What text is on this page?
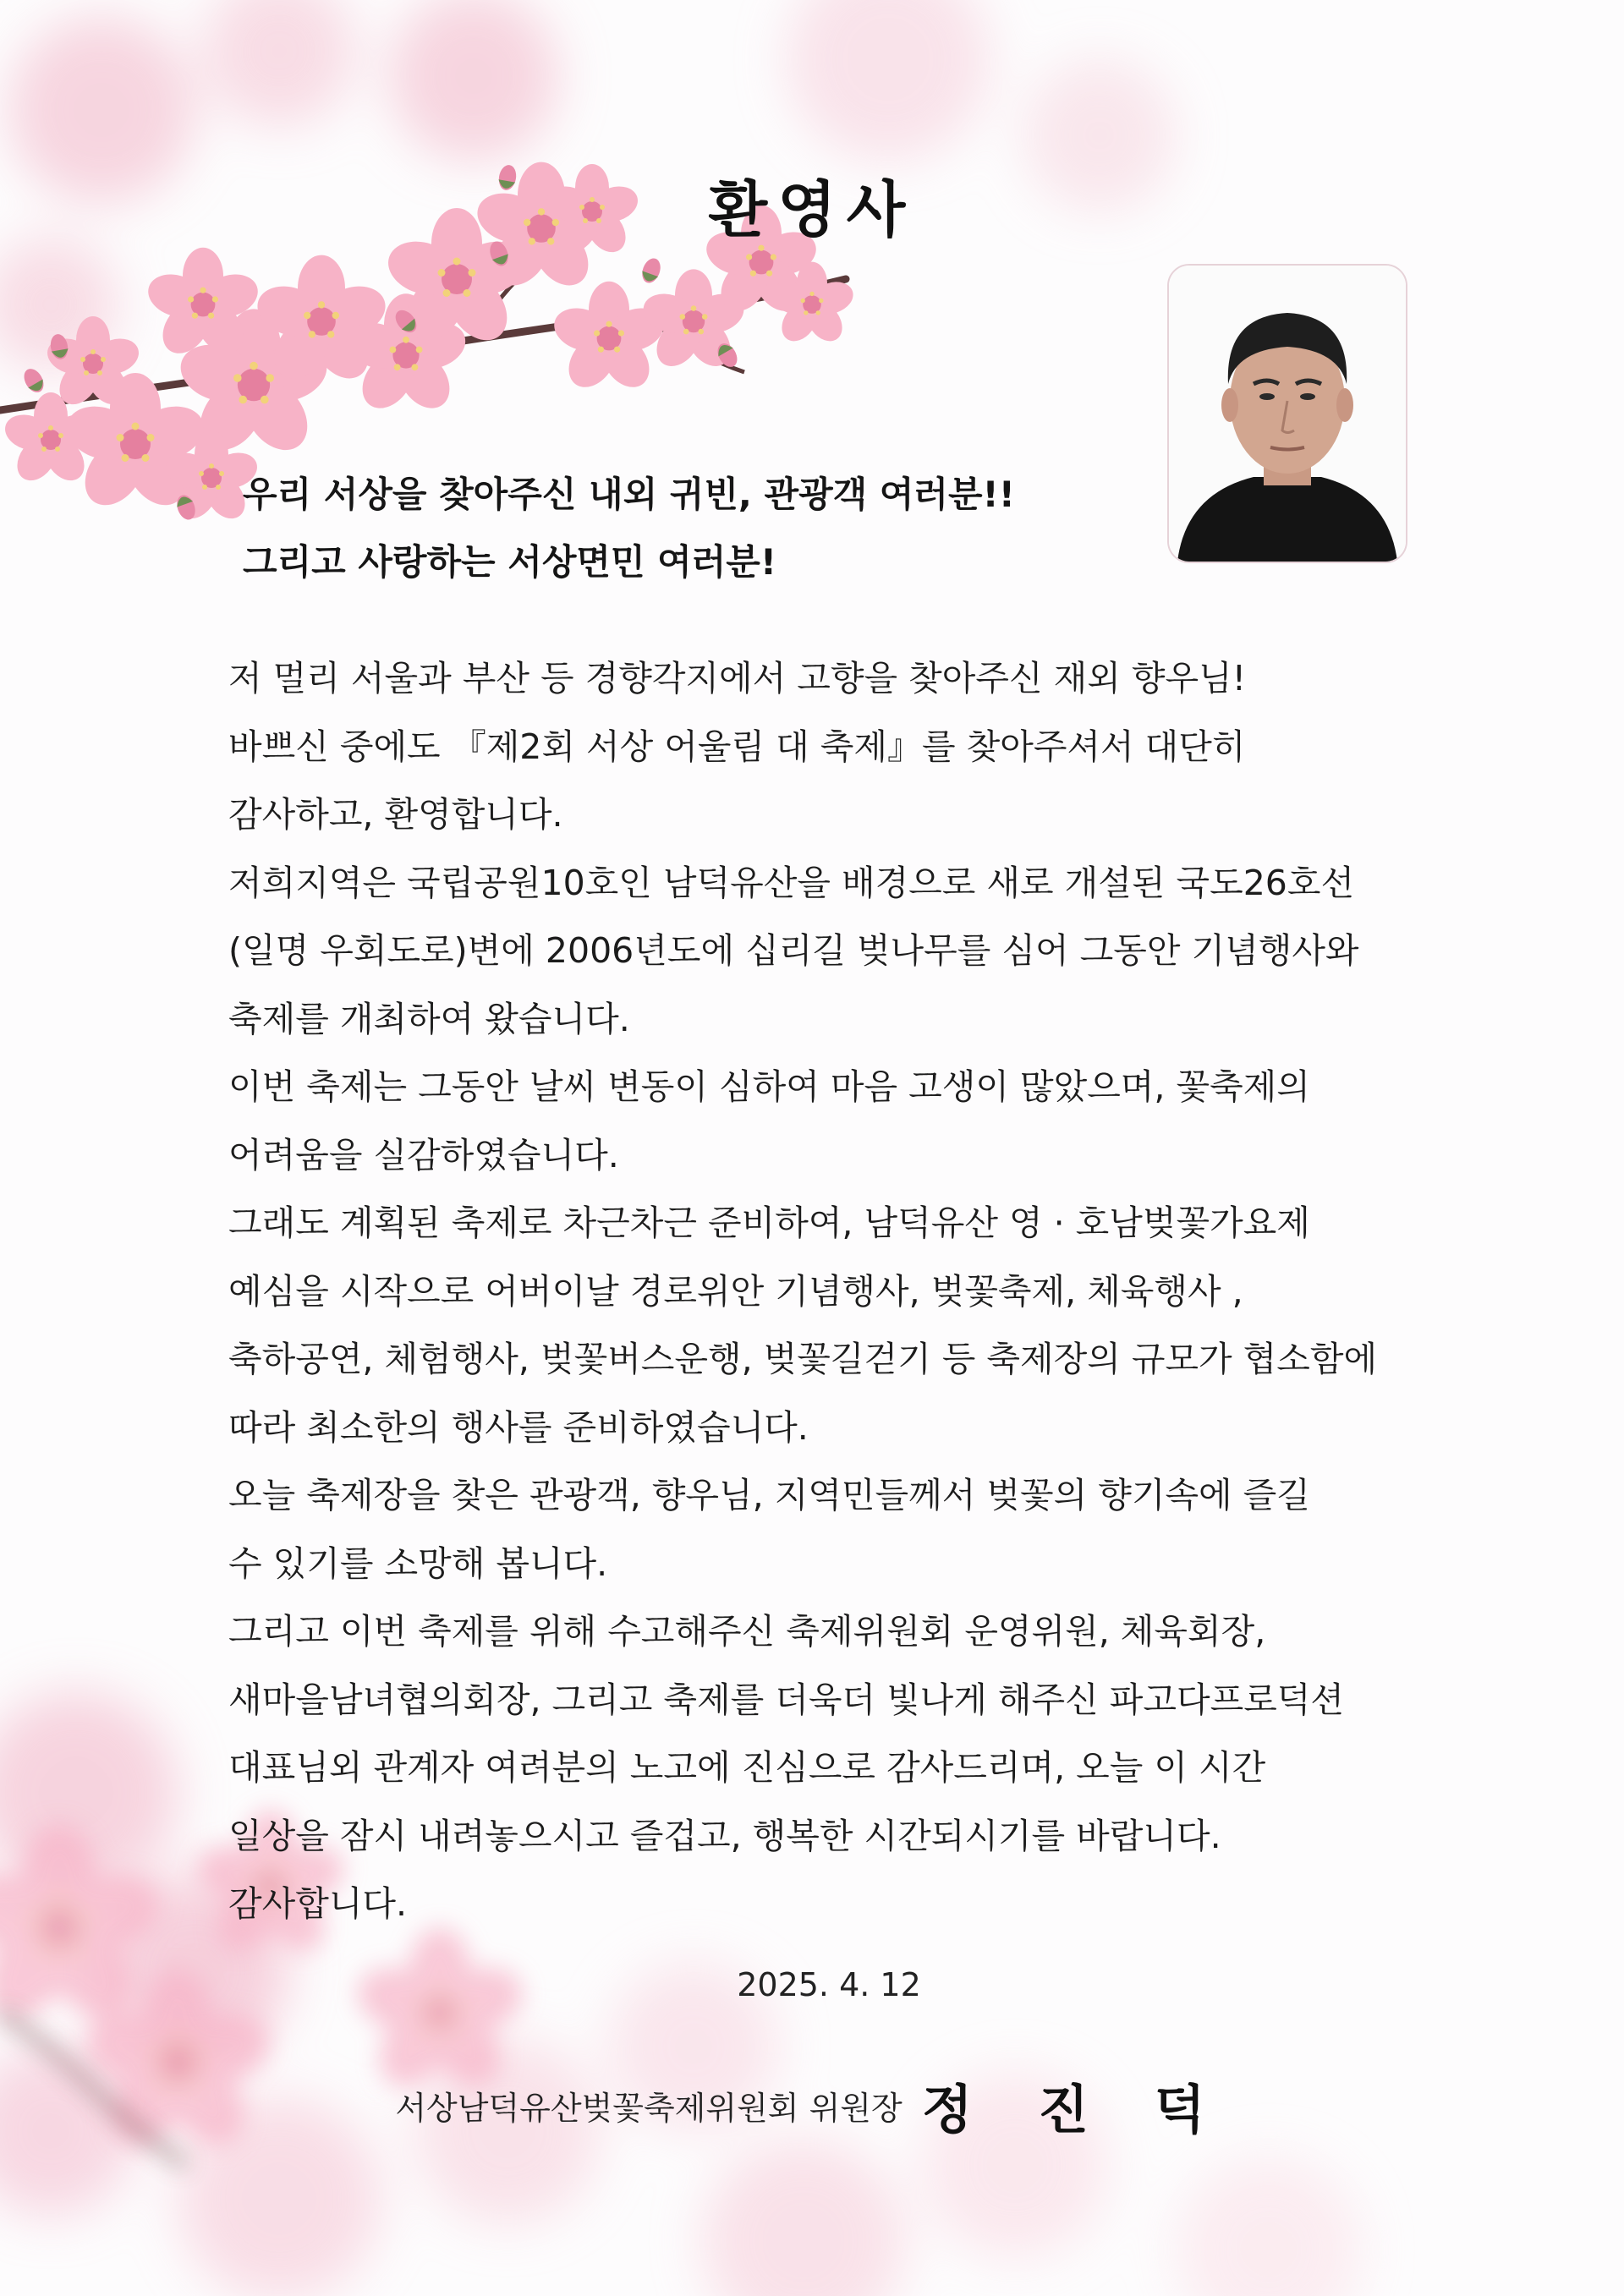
환영사
우리 서상을 찾아주신 내외 귀빈, 관광객 여러분!!
그리고 사랑하는 서상면민 여러분!

저 멀리 서울과 부산 등 경향각지에서 고향을 찾아주신 재외 향우님!

바쁘신 중에도 『제2회 서상 어울림 대 축제』를 찾아주셔서 대단히

감사하고, 환영합니다.

저희지역은 국립공원10호인 남덕유산을 배경으로 새로 개설된 국도26호선

(일명 우회도로)변에 2006년도에 십리길 벚나무를 심어 그동안 기념행사와

축제를 개최하여 왔습니다.

이번 축제는 그동안 날씨 변동이 심하여 마음 고생이 많았으며, 꽃축제의

어려움을 실감하였습니다.

그래도 계획된 축제로 차근차근 준비하여, 남덕유산 영 · 호남벚꽃가요제

예심을 시작으로 어버이날 경로위안 기념행사, 벚꽃축제, 체육행사 ,

축하공연, 체험행사, 벚꽃버스운행, 벚꽃길걷기 등 축제장의 규모가 협소함에

따라 최소한의 행사를 준비하였습니다.

오늘 축제장을 찾은 관광객, 향우님, 지역민들께서 벚꽃의 향기속에 즐길

수 있기를 소망해 봅니다.

그리고 이번 축제를 위해 수고해주신 축제위원회 운영위원, 체육회장,

새마을남녀협의회장, 그리고 축제를 더욱더 빛나게 해주신 파고다프로덕션

대표님외 관계자 여려분의 노고에 진심으로 감사드리며, 오늘 이 시간

일상을 잠시 내려놓으시고 즐겁고, 행복한 시간되시기를 바랍니다.

감사합니다.

2025. 4. 12
서상남덕유산벚꽃축제위원회 위원장 정 진 덕
